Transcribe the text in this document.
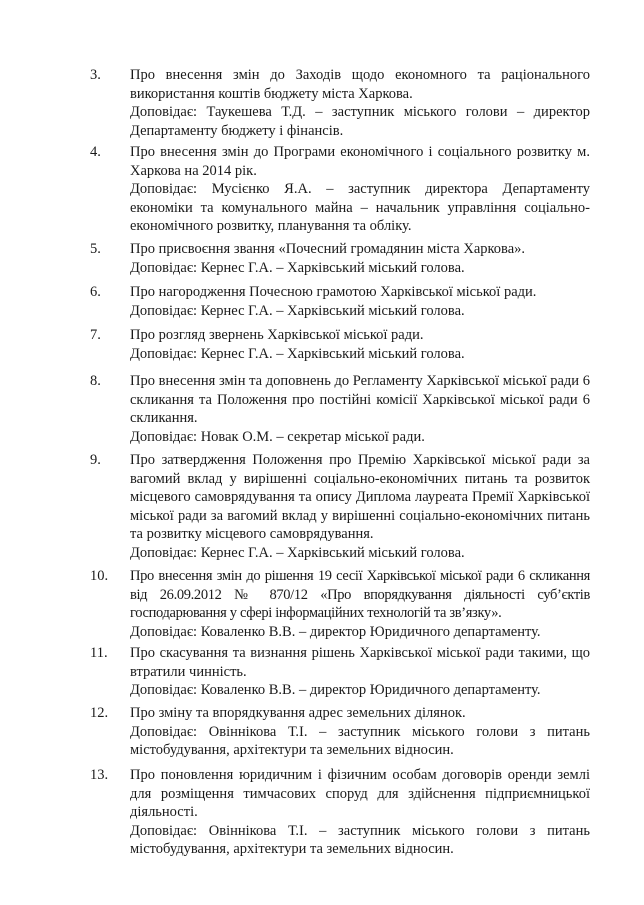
3. Про внесення змін до Заходів щодо економного та раціонального використання коштів бюджету міста Харкова.

Доповідає: Таукешева Т.Д. – заступник міського голови – директор Департаменту бюджету і фінансів.

4. Про внесення змін до Програми економічного і соціального розвитку м. Харкова на 2014 рік.

Доповідає: Мусієнко Я.А. – заступник директора Департаменту економіки та комунального майна – начальник управління соціально-економічного розвитку, планування та обліку.

5. Про присвоєння звання «Почесний громадянин міста Харкова».

Доповідає: Кернес Г.А. – Харківський міський голова.

6. Про нагородження Почесною грамотою Харківської міської ради.

Доповідає: Кернес Г.А. – Харківський міський голова.

7. Про розгляд звернень Харківської міської ради.

Доповідає: Кернес Г.А. – Харківський міський голова.

8. Про внесення змін та доповнень до Регламенту Харківської міської ради 6 скликання та Положення про постійні комісії Харківської міської ради 6 скликання.

Доповідає: Новак О.М. – секретар міської ради.

9. Про затвердження Положення про Премію Харківської міської ради за вагомий вклад у вирішенні соціально-економічних питань та розвиток місцевого самоврядування та опису Диплома лауреата Премії Харківської міської ради за вагомий вклад у вирішенні соціально-економічних питань та розвитку місцевого самоврядування.

Доповідає: Кернес Г.А. – Харківський міський голова.

10. Про внесення змін до рішення 19 сесії Харківської міської ради 6 скликання від 26.09.2012 № 870/12 «Про впорядкування діяльності суб’єктів господарювання у сфері інформаційних технологій та зв’язку».

Доповідає: Коваленко В.В. – директор Юридичного департаменту.

11. Про скасування та визнання рішень Харківської міської ради такими, що втратили чинність.

Доповідає: Коваленко В.В. – директор Юридичного департаменту.

12. Про зміну та впорядкування адрес земельних ділянок.

Доповідає: Овіннікова Т.І. – заступник міського голови з питань містобудування, архітектури та земельних відносин.

13. Про поновлення юридичним і фізичним особам договорів оренди землі для розміщення тимчасових споруд для здійснення підприємницької діяльності.

Доповідає: Овіннікова Т.І. – заступник міського голови з питань містобудування, архітектури та земельних відносин.
